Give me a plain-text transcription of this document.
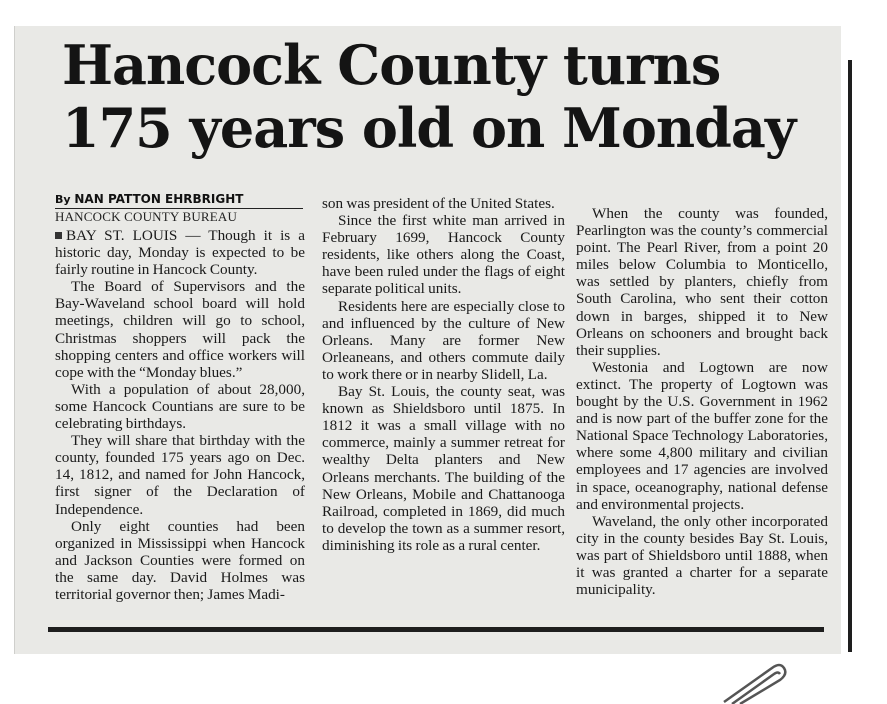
Hancock County turns
175 years old on Monday
By NAN PATTON EHRBRIGHT
HANCOCK COUNTY BUREAU

BAY ST. LOUIS — Though it is a historic day, Monday is expected to be fairly routine in Hancock County.

The Board of Supervisors and the Bay-Waveland school board will hold meetings, children will go to school, Christmas shoppers will pack the shopping centers and office workers will cope with the “Monday blues.”

With a population of about 28,000, some Hancock Countians are sure to be celebrating birthdays.

They will share that birthday with the county, founded 175 years ago on Dec. 14, 1812, and named for John Hancock, first signer of the Declaration of Independence.

Only eight counties had been organized in Mississippi when Hancock and Jackson Counties were formed on the same day. David Holmes was territorial governor then; James Madi-

son was president of the United States.

Since the first white man arrived in February 1699, Hancock County residents, like others along the Coast, have been ruled under the flags of eight separate political units.

Residents here are especially close to and influenced by the culture of New Orleans. Many are former New Orleaneans, and others commute daily to work there or in nearby Slidell, La.

Bay St. Louis, the county seat, was known as Shieldsboro until 1875. In 1812 it was a small village with no commerce, mainly a summer retreat for wealthy Delta planters and New Orleans merchants. The building of the New Orleans, Mobile and Chattanooga Railroad, completed in 1869, did much to develop the town as a summer resort, diminishing its role as a rural center.

When the county was founded, Pearlington was the county’s commercial point. The Pearl River, from a point 20 miles below Columbia to Monticello, was settled by planters, chiefly from South Carolina, who sent their cotton down in barges, shipped it to New Orleans on schooners and brought back their supplies.

Westonia and Logtown are now extinct. The property of Logtown was bought by the U.S. Government in 1962 and is now part of the buffer zone for the National Space Technology Laboratories, where some 4,800 military and civilian employees and 17 agencies are involved in space, oceanography, national defense and environmental projects.

Waveland, the only other incorporated city in the county besides Bay St. Louis, was part of Shieldsboro until 1888, when it was granted a charter for a separate municipality.
